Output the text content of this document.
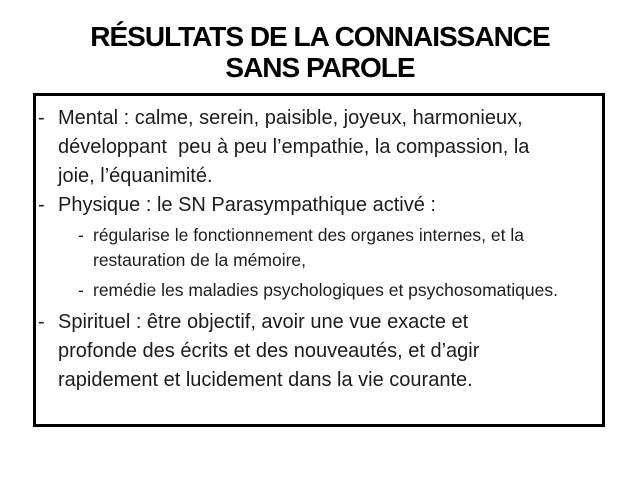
RÉSULTATS DE LA CONNAISSANCE
SANS PAROLE
- Mental : calme, serein, paisible, joyeux, harmonieux,
développant  peu à peu l’empathie, la compassion, la
joie, l’équanimité.
- Physique : le SN Parasympathique activé :
- régularise le fonctionnement des organes internes, et la
restauration de la mémoire,
- remédie les maladies psychologiques et psychosomatiques.
- Spirituel : être objectif, avoir une vue exacte et
profonde des écrits et des nouveautés, et d’agir
rapidement et lucidement dans la vie courante.
